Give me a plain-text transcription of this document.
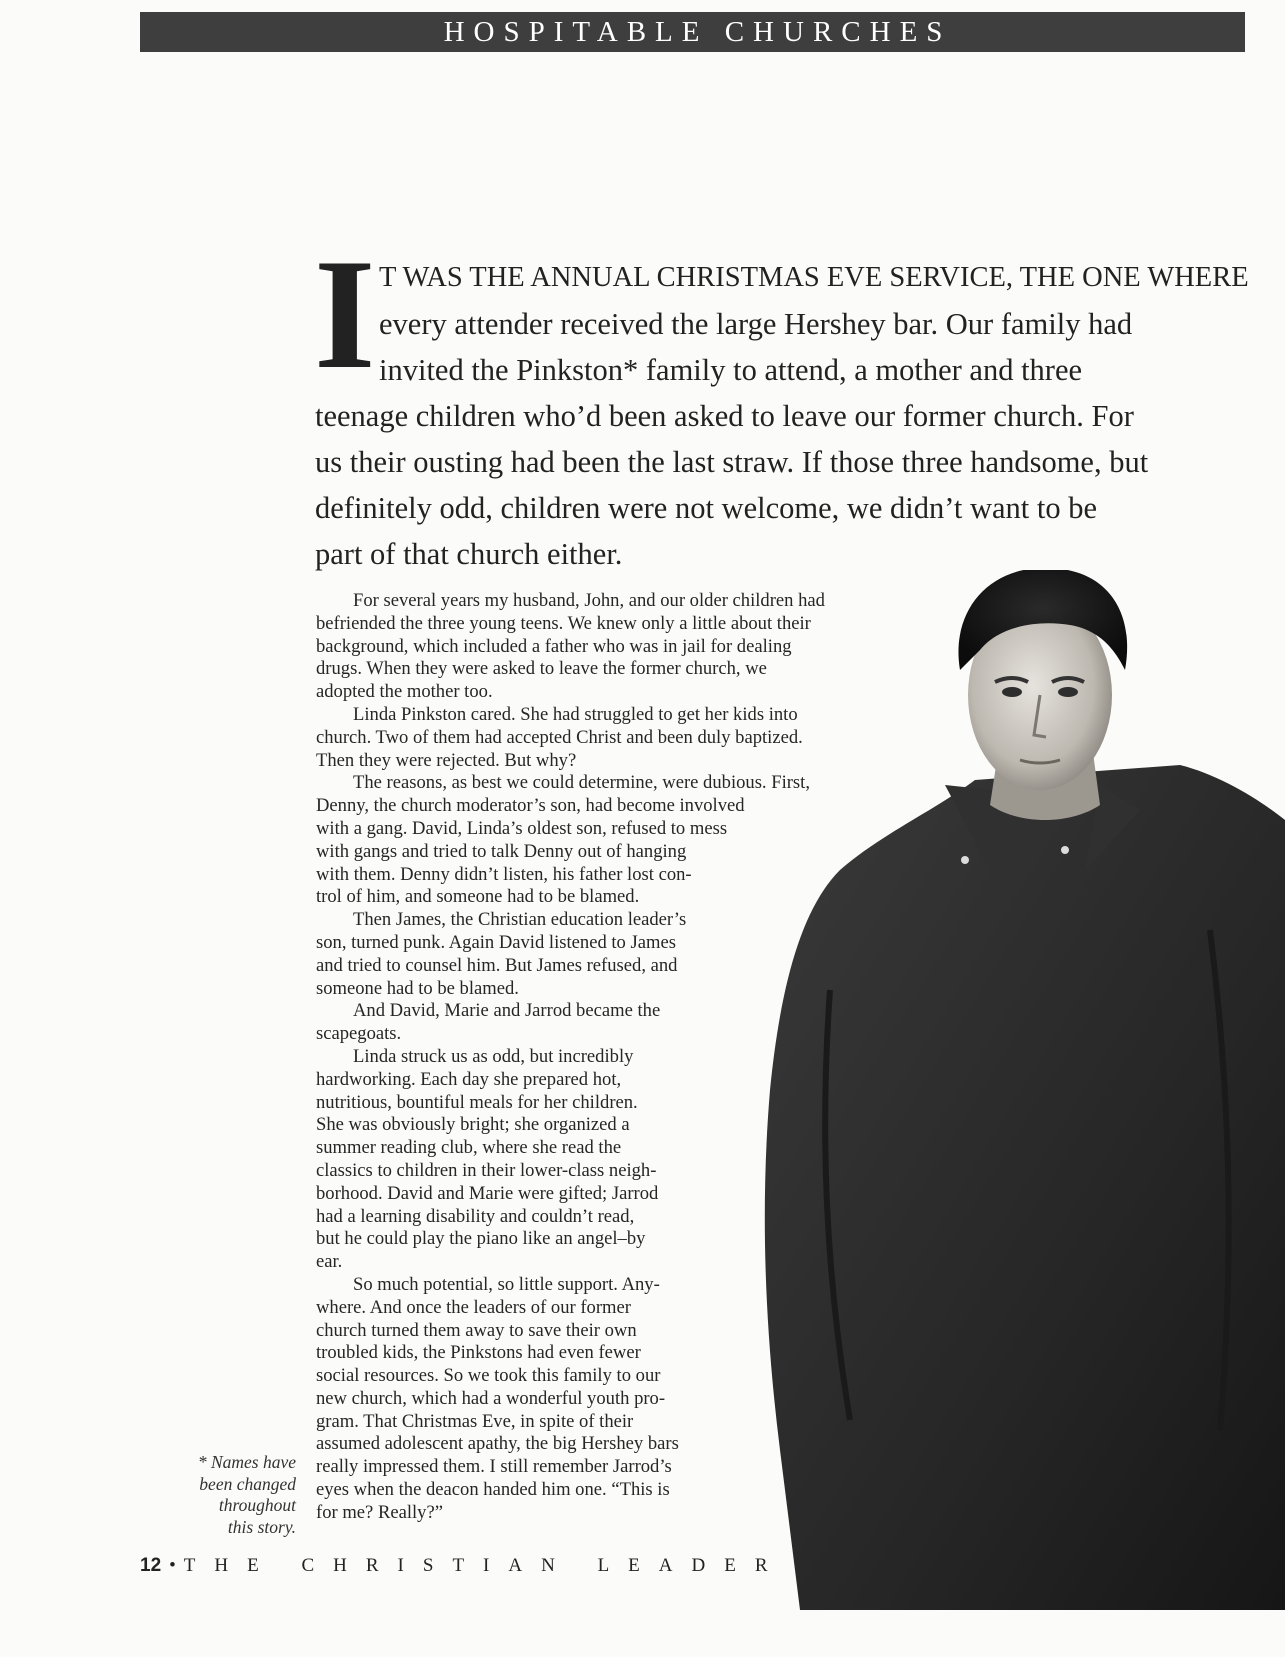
HOSPITABLE CHURCHES
I T WAS THE ANNUAL CHRISTMAS EVE SERVICE, THE ONE WHERE
every attender received the large Hershey bar. Our family had
invited the Pinkston* family to attend, a mother and three
teenage children who’d been asked to leave our former church. For
us their ousting had been the last straw. If those three handsome, but
definitely odd, children were not welcome, we didn’t want to be
part of that church either.
For several years my husband, John, and our older children had
befriended the three young teens. We knew only a little about their
background, which included a father who was in jail for dealing
drugs. When they were asked to leave the former church, we
adopted the mother too.
Linda Pinkston cared. She had struggled to get her kids into
church. Two of them had accepted Christ and been duly baptized.
Then they were rejected. But why?
The reasons, as best we could determine, were dubious. First,
Denny, the church moderator’s son, had become involved
with a gang. David, Linda’s oldest son, refused to mess
with gangs and tried to talk Denny out of hanging
with them. Denny didn’t listen, his father lost con-
trol of him, and someone had to be blamed.
Then James, the Christian education leader’s
son, turned punk. Again David listened to James
and tried to counsel him. But James refused, and
someone had to be blamed.
And David, Marie and Jarrod became the
scapegoats.
Linda struck us as odd, but incredibly
hardworking. Each day she prepared hot,
nutritious, bountiful meals for her children.
She was obviously bright; she organized a
summer reading club, where she read the
classics to children in their lower-class neigh-
borhood. David and Marie were gifted; Jarrod
had a learning disability and couldn’t read,
but he could play the piano like an angel–by
ear.
So much potential, so little support. Any-
where. And once the leaders of our former
church turned them away to save their own
troubled kids, the Pinkstons had even fewer
social resources. So we took this family to our
new church, which had a wonderful youth pro-
gram. That Christmas Eve, in spite of their
assumed adolescent apathy, the big Hershey bars
really impressed them. I still remember Jarrod’s
eyes when the deacon handed him one. “This is
for me? Really?”
* Names have
been changed
throughout
this story.
12 • THE CHRISTIAN LEADER
